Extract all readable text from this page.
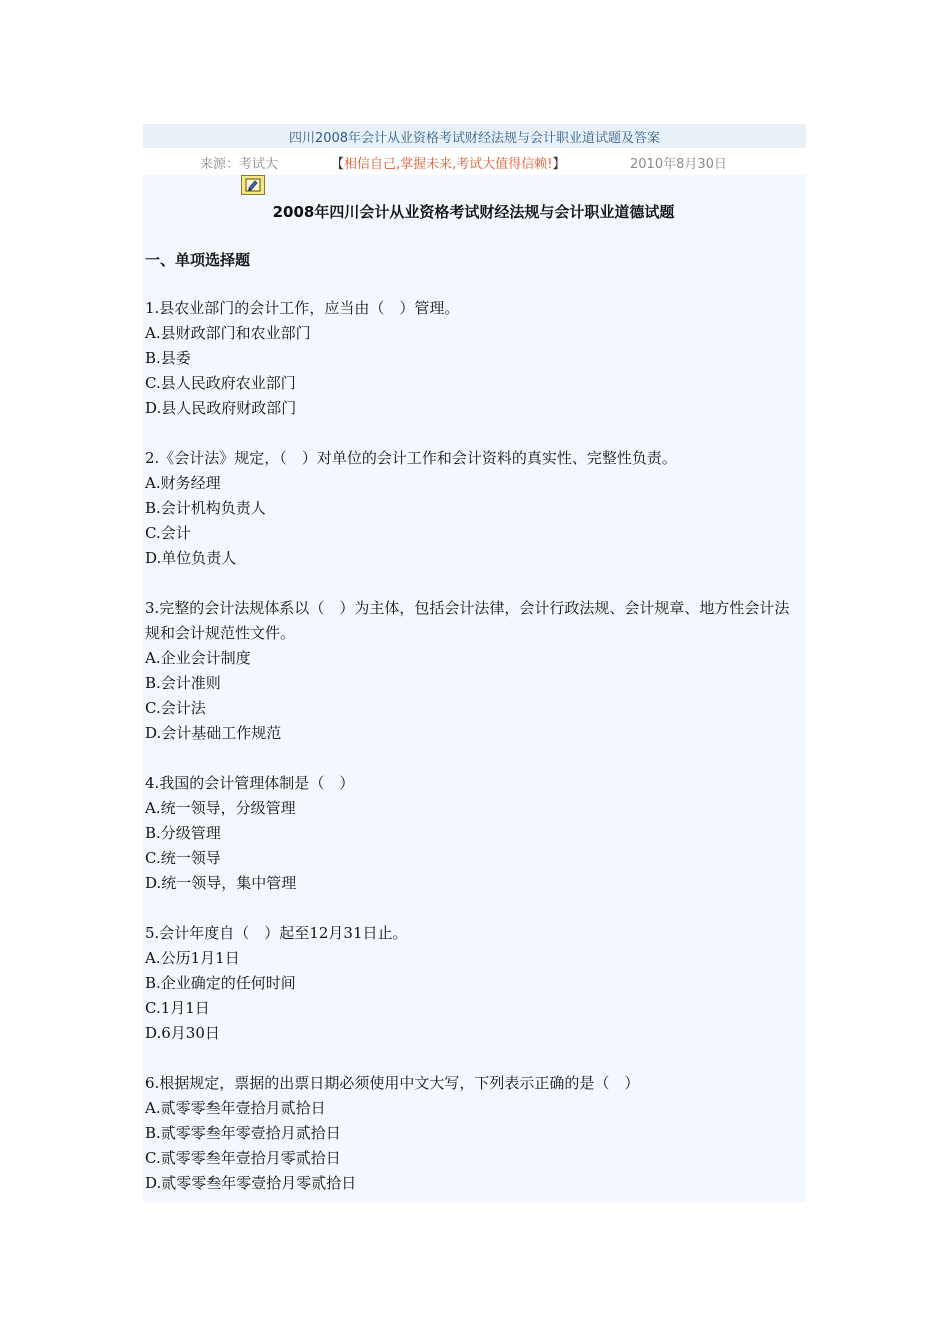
四川2008年会计从业资格考试财经法规与会计职业道试题及答案
来源：考试大	【相信自己,掌握未来,考试大值得信赖!】	2010年8月30日
2008年四川会计从业资格考试财经法规与会计职业道德试题
一、单项选择题
1.县农业部门的会计工作，应当由（　）管理。
A.县财政部门和农业部门
B.县委
C.县人民政府农业部门
D.县人民政府财政部门
2.《会计法》规定，（　）对单位的会计工作和会计资料的真实性、完整性负责。
A.财务经理
B.会计机构负责人
C.会计
D.单位负责人
3.完整的会计法规体系以（　）为主体，包括会计法律，会计行政法规、会计规章、地方性会计法规和会计规范性文件。
A.企业会计制度
B.会计准则
C.会计法
D.会计基础工作规范
4.我国的会计管理体制是（　）
A.统一领导，分级管理
B.分级管理
C.统一领导
D.统一领导，集中管理
5.会计年度自（　）起至12月31日止。
A.公历1月1日
B.企业确定的任何时间
C.1月1日
D.6月30日
6.根据规定，票据的出票日期必须使用中文大写，下列表示正确的是（　）
A.贰零零叁年壹拾月贰拾日
B.贰零零叁年零壹拾月贰拾日
C.贰零零叁年壹拾月零贰拾日
D.贰零零叁年零壹拾月零贰拾日
